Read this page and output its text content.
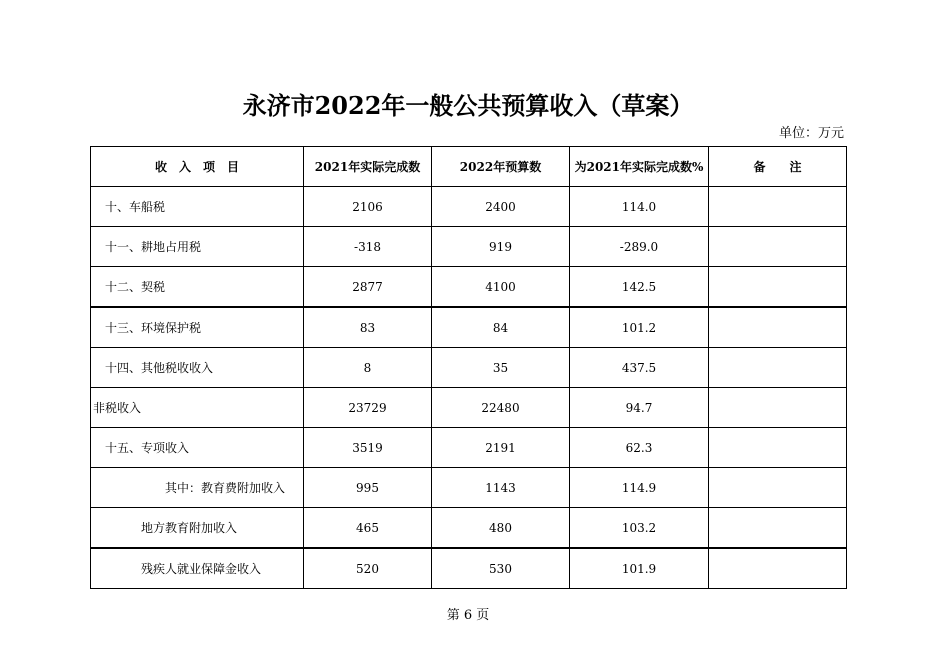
永济市2022年一般公共预算收入（草案）
单位：万元
收　入　项　目	2021年实际完成数	2022年预算数	为2021年实际完成数%	备　　注
十、车船税	2106	2400	114.0	
十一、耕地占用税	-318	919	-289.0	
十二、契税	2877	4100	142.5	
十三、环境保护税	83	84	101.2	
十四、其他税收收入	8	35	437.5	
非税收入	23729	22480	94.7	
十五、专项收入	3519	2191	62.3	
其中：教育费附加收入	995	1143	114.9	
地方教育附加收入	465	480	103.2	
残疾人就业保障金收入	520	530	101.9	
第 6 页
